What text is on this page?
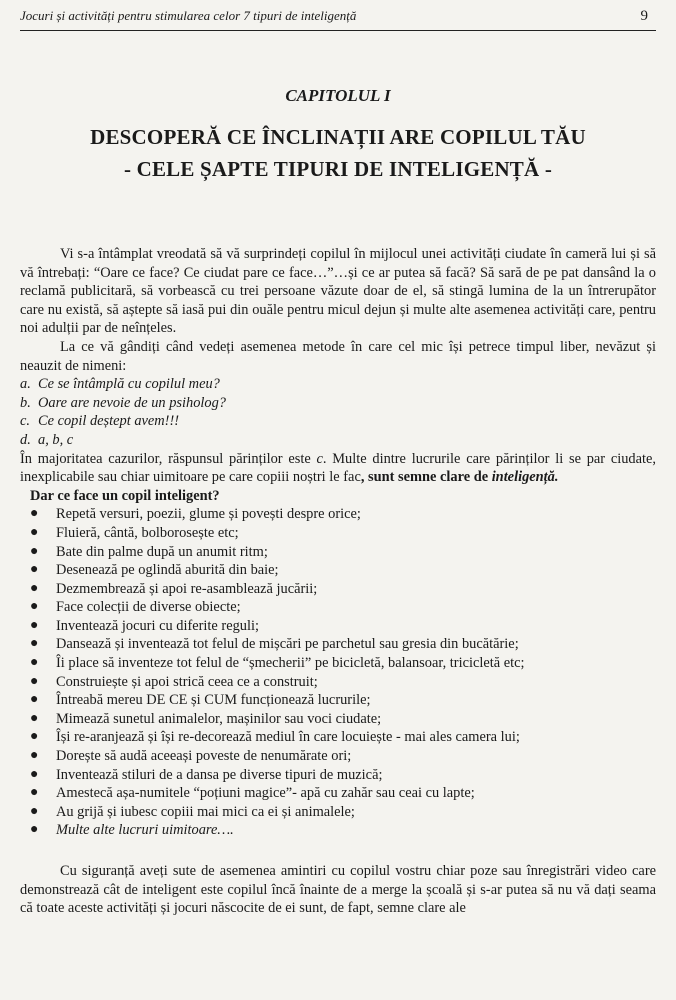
Jocuri și activități pentru stimularea celor 7 tipuri de inteligență	9
CAPITOLUL I
DESCOPERĂ CE ÎNCLINAȚII ARE COPILUL TĂU
- CELE ȘAPTE TIPURI DE INTELIGENȚĂ -

Vi s-a întâmplat vreodată să vă surprindeți copilul în mijlocul unei activități ciudate în cameră lui și să vă întrebați: “Oare ce face? Ce ciudat pare ce face…”…și ce ar putea să facă? Să sară de pe pat dansând la o reclamă publicitară, să vorbească cu trei persoane văzute doar de el, să stingă lumina de la un întrerupător care nu există, să aștepte să iasă pui din ouăle pentru micul dejun și multe alte asemenea activități care, pentru noi adulții par de neînțeles.

La ce vă gândiți când vedeți asemenea metode în care cel mic își petrece timpul liber, nevăzut și neauzit de nimeni:

a. Ce se întâmplă cu copilul meu?
b. Oare are nevoie de un psiholog?
c. Ce copil deștept avem!!!
d. a, b, c

În majoritatea cazurilor, răspunsul părinților este c. Multe dintre lucrurile care părinților li se par ciudate, inexplicabile sau chiar uimitoare pe care copiii noștri le fac, sunt semne clare de inteligență.

Dar ce face un copil inteligent?

●	Repetă versuri, poezii, glume și povești despre orice;
●	Fluieră, cântă, bolborosește etc;
●	Bate din palme după un anumit ritm;
●	Desenează pe oglindă aburită din baie;
●	Dezmembrează și apoi re-asamblează jucării;
●	Face colecții de diverse obiecte;
●	Inventează jocuri cu diferite reguli;
●	Dansează și inventează tot felul de mișcări pe parchetul sau gresia din bucătărie;
●	Îi place să inventeze tot felul de “șmecherii” pe bicicletă, balansoar, tricicletă etc;
●	Construiește și apoi strică ceea ce a construit;
●	Întreabă mereu DE CE și CUM funcționează lucrurile;
●	Mimează sunetul animalelor, mașinilor sau voci ciudate;
●	Își re-aranjează și își re-decorează mediul în care locuiește - mai ales camera lui;
●	Dorește să audă aceeași poveste de nenumărate ori;
●	Inventează stiluri de a dansa pe diverse tipuri de muzică;
●	Amestecă așa-numitele “poțiuni magice”- apă cu zahăr sau ceai cu lapte;
●	Au grijă și iubesc copiii mai mici ca ei și animalele;
●	Multe alte lucruri uimitoare….

Cu siguranță aveți sute de asemenea amintiri cu copilul vostru chiar poze sau înregistrări video care demonstrează cât de inteligent este copilul încă înainte de a merge la școală și s-ar putea să nu vă dați seama că toate aceste activități și jocuri născocite de ei sunt, de fapt, semne clare ale
